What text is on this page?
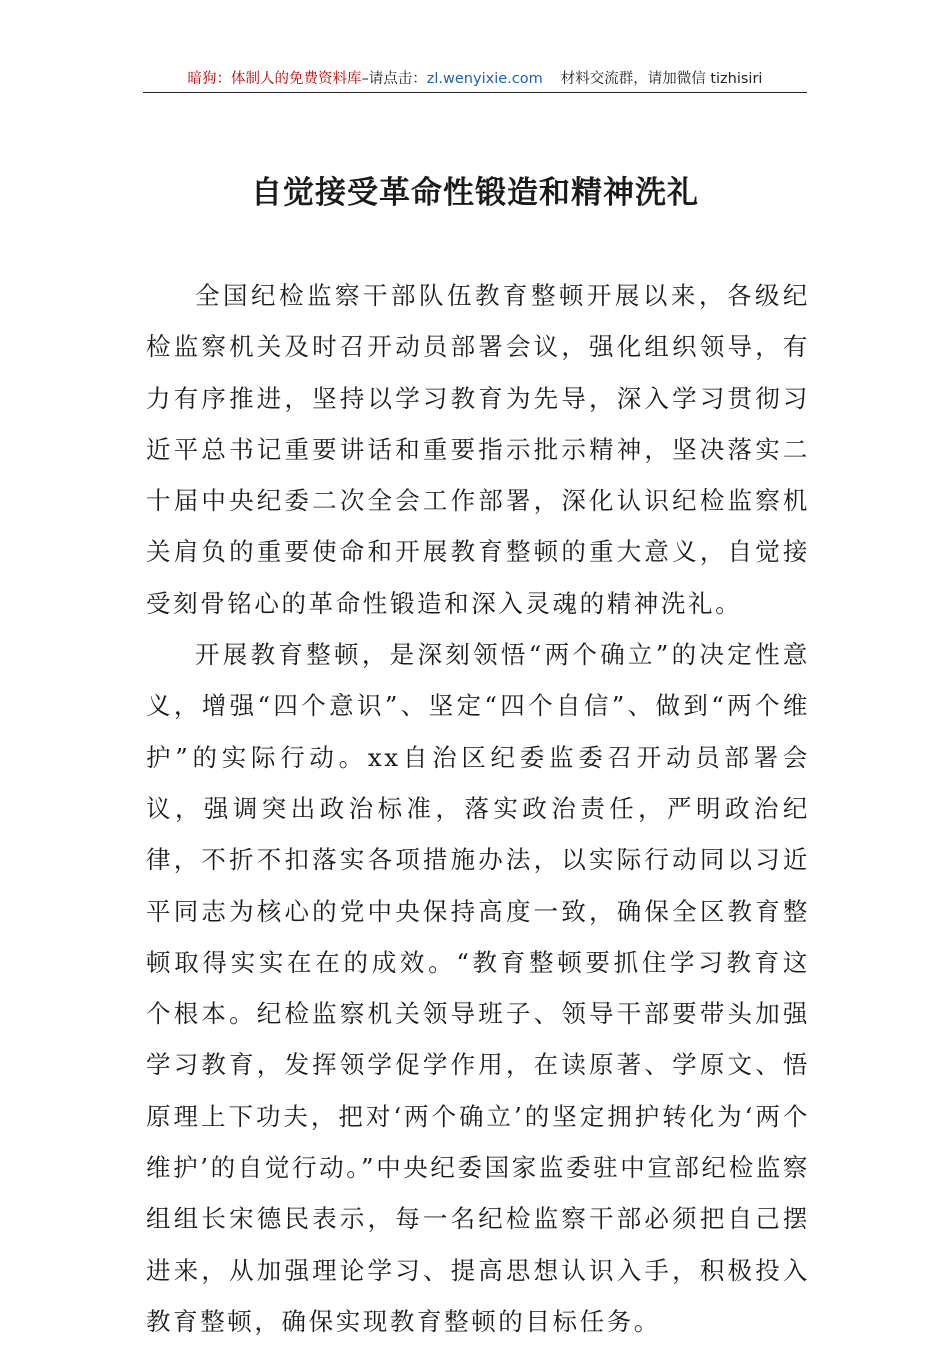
暗狗：体制人的免费资料库–请点击：zl.wenyixie.com 材料交流群，请加微信 tizhisiri
自觉接受革命性锻造和精神洗礼

全国纪检监察干部队伍教育整顿开展以来，各级纪检监察机关及时召开动员部署会议，强化组织领导，有力有序推进，坚持以学习教育为先导，深入学习贯彻习近平总书记重要讲话和重要指示批示精神，坚决落实二十届中央纪委二次全会工作部署，深化认识纪检监察机关肩负的重要使命和开展教育整顿的重大意义，自觉接受刻骨铭心的革命性锻造和深入灵魂的精神洗礼。

开展教育整顿，是深刻领悟“两个确立”的决定性意义，增强“四个意识”、坚定“四个自信”、做到“两个维护”的实际行动。xx自治区纪委监委召开动员部署会议，强调突出政治标准，落实政治责任，严明政治纪律，不折不扣落实各项措施办法，以实际行动同以习近平同志为核心的党中央保持高度一致，确保全区教育整顿取得实实在在的成效。“教育整顿要抓住学习教育这个根本。纪检监察机关领导班子、领导干部要带头加强学习教育，发挥领学促学作用，在读原著、学原文、悟原理上下功夫，把对‘两个确立’的坚定拥护转化为‘两个维护’的自觉行动。”中央纪委国家监委驻中宣部纪检监察组组长宋德民表示，每一名纪检监察干部必须把自己摆进来，从加强理论学习、提高思想认识入手，积极投入教育整顿，确保实现教育整顿的目标任务。
